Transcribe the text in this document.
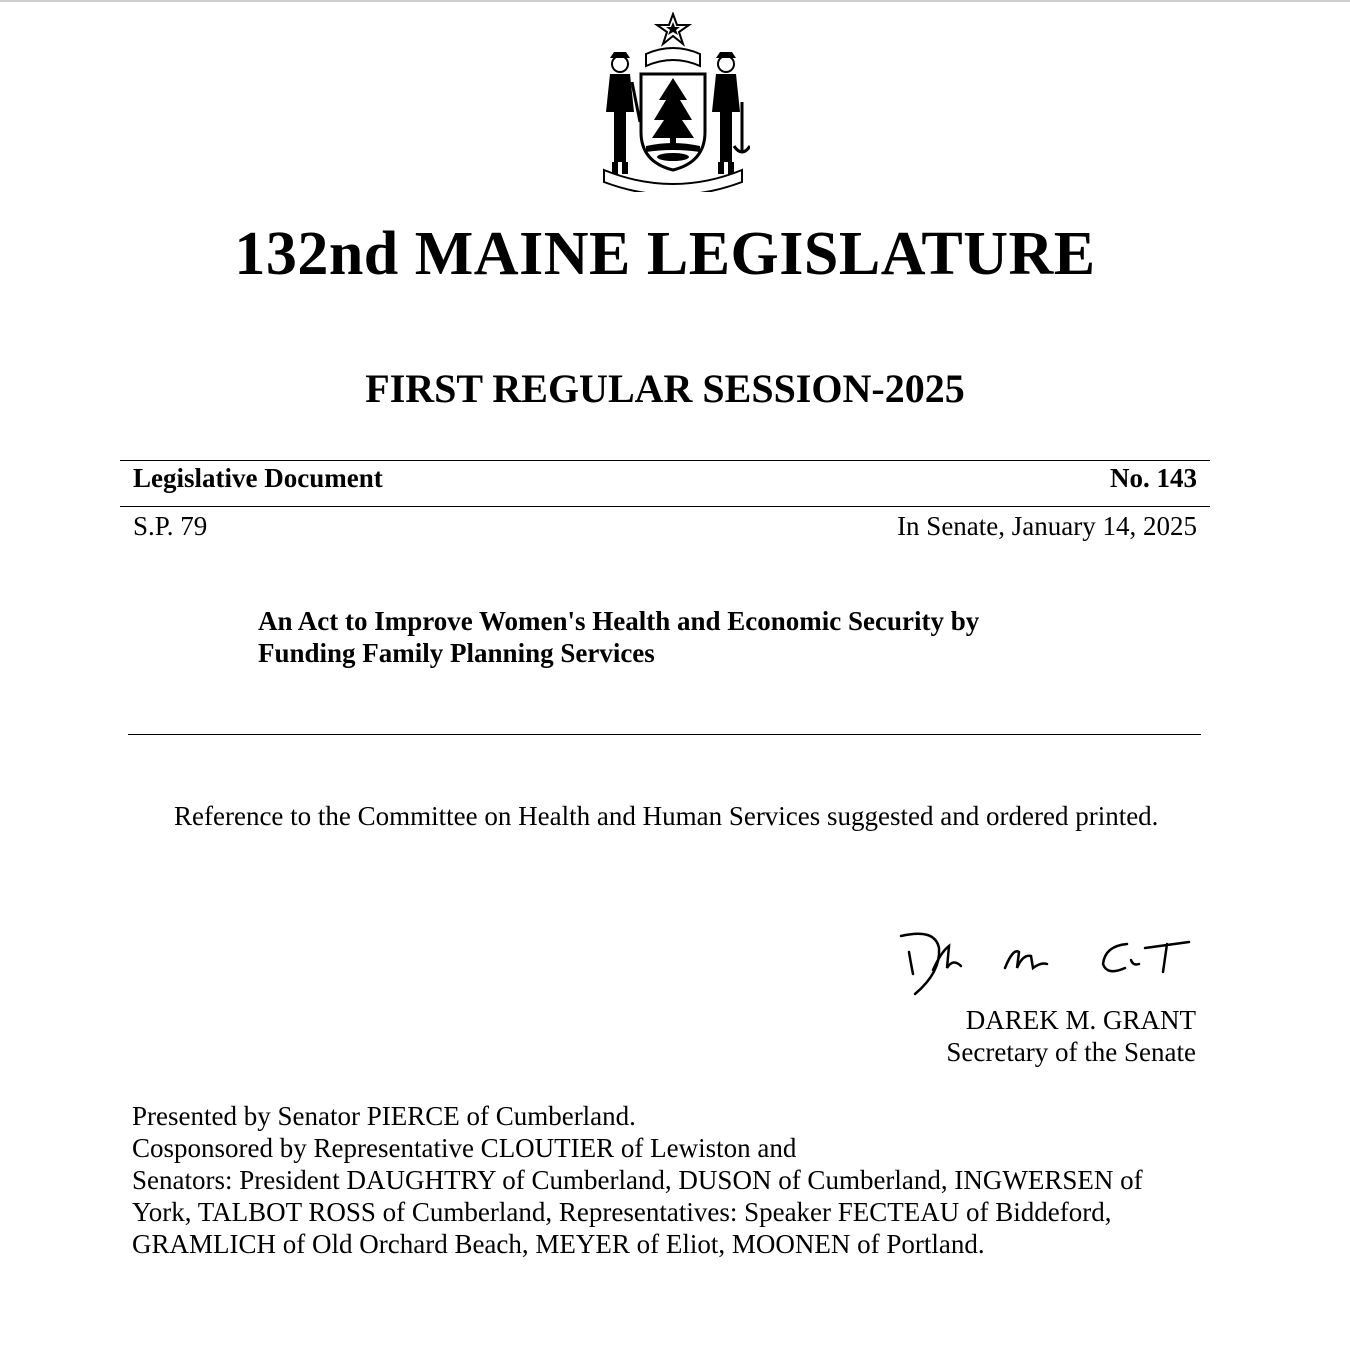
132nd MAINE LEGISLATURE
FIRST REGULAR SESSION-2025
Legislative Document	No. 143
S.P. 79	In Senate, January 14, 2025
An Act to Improve Women's Health and Economic Security by
Funding Family Planning Services
Reference to the Committee on Health and Human Services suggested and ordered printed.
DAREK M. GRANT
Secretary of the Senate
Presented by Senator PIERCE of Cumberland.
Cosponsored by Representative CLOUTIER of Lewiston and
Senators: President DAUGHTRY of Cumberland, DUSON of Cumberland, INGWERSEN of
York, TALBOT ROSS of Cumberland, Representatives: Speaker FECTEAU of Biddeford,
GRAMLICH of Old Orchard Beach, MEYER of Eliot, MOONEN of Portland.
